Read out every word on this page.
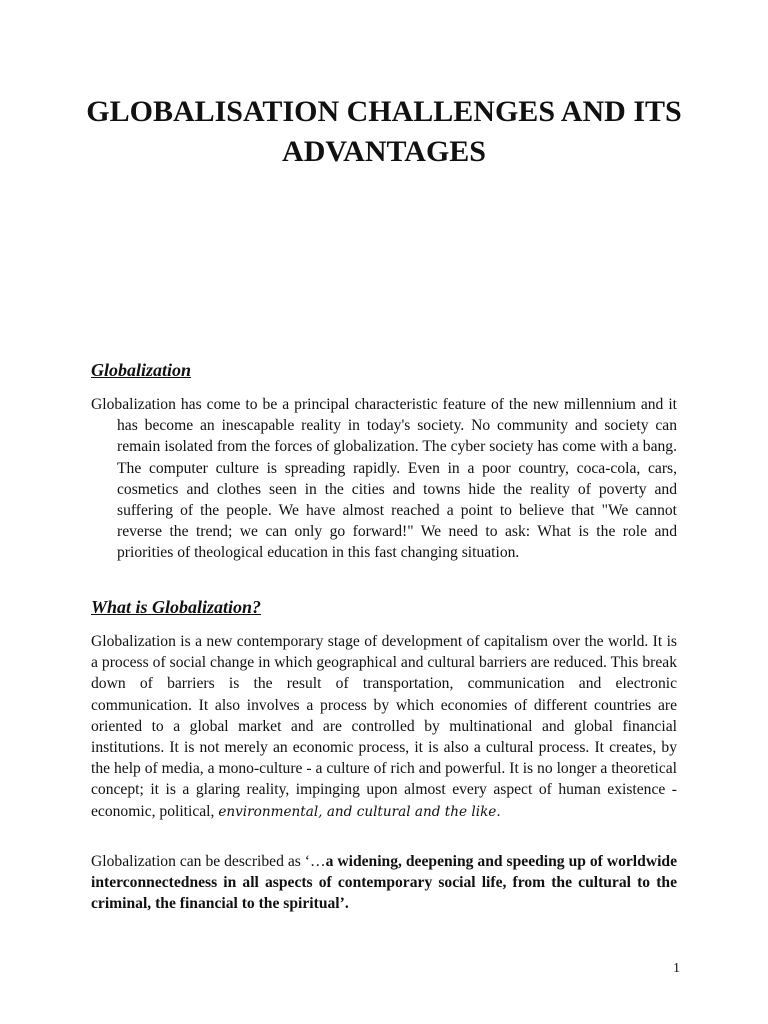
GLOBALISATION CHALLENGES AND ITS ADVANTAGES
Globalization

Globalization has come to be a principal characteristic feature of the new millennium and it has become an inescapable reality in today's society. No community and society can remain isolated from the forces of globalization. The cyber society has come with a bang. The computer culture is spreading rapidly. Even in a poor country, coca-cola, cars, cosmetics and clothes seen in the cities and towns hide the reality of poverty and suffering of the people. We have almost reached a point to believe that "We cannot reverse the trend; we can only go forward!" We need to ask: What is the role and priorities of theological education in this fast changing situation.

What is Globalization?

Globalization is a new contemporary stage of development of capitalism over the world. It is a process of social change in which geographical and cultural barriers are reduced. This break down of barriers is the result of transportation, communication and electronic communication. It also involves a process by which economies of different countries are oriented to a global market and are controlled by multinational and global financial institutions. It is not merely an economic process, it is also a cultural process. It creates, by the help of media, a mono-culture - a culture of rich and powerful. It is no longer a theoretical concept; it is a glaring reality, impinging upon almost every aspect of human existence - economic, political, environmental, and cultural and the like.

Globalization can be described as ‘…a widening, deepening and speeding up of worldwide interconnectedness in all aspects of contemporary social life, from the cultural to the criminal, the financial to the spiritual’.

1
